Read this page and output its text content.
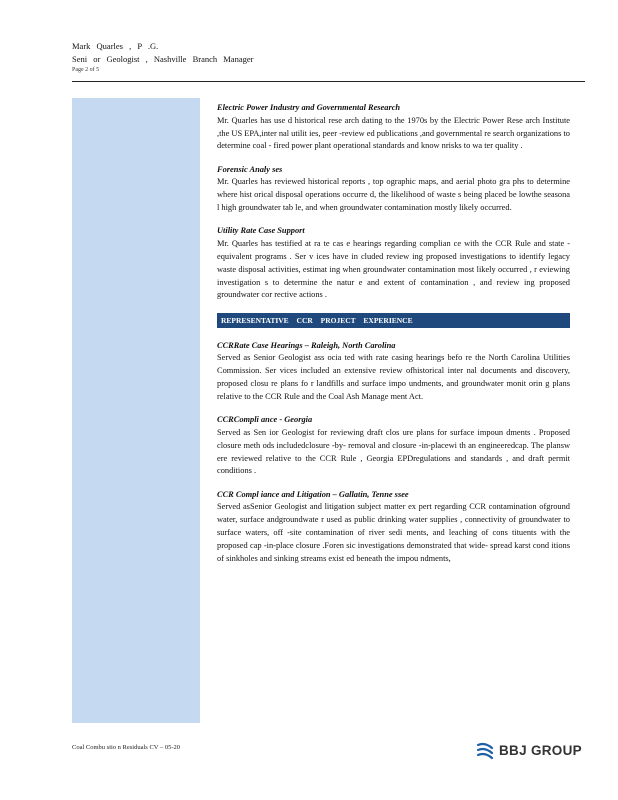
Mark Quarles , P .G.
Seni or Geologist , Nashville Branch Manager
Page 2 of 5

Electric Power Industry and Governmental Research

Mr. Quarles has use d historical rese arch dating to the 1970s by the Electric Power Rese arch Institute ,the US EPA,inter nal utilit ies, peer -review ed publications ,and governmental re search organizations to determine coal - fired power plant operational standards and know nrisks to wa ter quality .

Forensic Analy ses

Mr. Quarles has reviewed historical reports , top ographic maps, and aerial photo gra phs to determine where hist orical disposal operations occurre d, the likelihood of waste s being placed be lowthe seasona l high groundwater tab le, and when groundwater contamination mostly likely occurred.

Utility Rate Case Support

Mr. Quarles has testified at ra te cas e hearings regarding complian ce with the CCR Rule and state -equivalent programs . Ser v ices have in cluded review ing proposed investigations to identify legacy waste disposal activities, estimat ing when groundwater contamination most likely occurred , r eviewing investigation s to determine the natur e and extent of contamination , and review ing proposed groundwater cor rective actions .

REPRESENTATIVE CCR PROJECT EXPERIENCE

CCRRate Case Hearings – Raleigh, North Carolina

Served as Senior Geologist ass ocia ted with rate casing hearings befo re the North Carolina Utilities Commission. Ser vices included an extensive review ofhistorical inter nal documents and discovery, proposed closu re plans fo r landfills and surface impo undments, and groundwater monit orin g plans relative to the CCR Rule and the Coal Ash Manage ment Act.

CCRCompli ance - Georgia

Served as Sen ior Geologist for reviewing draft clos ure plans for surface impoun dments . Proposed closure meth ods includedclosure -by- removal and closure -in-placewi th an engineeredcap. The plansw ere reviewed relative to the CCR Rule , Georgia EPDregulations and standards , and draft permit conditions .

CCR Compl iance and Litigation – Gallatin, Tenne ssee

Served asSenior Geologist and litigation subject matter ex pert regarding CCR contamination ofground water, surface andgroundwate r used as public drinking water supplies , connectivity of groundwater to surface waters, off -site contamination of river sedi ments, and leaching of cons tituents with the proposed cap -in-place closure .Foren sic investigations demonstrated that wide- spread karst cond itions of sinkholes and sinking streams exist ed beneath the impou ndments,

Coal Combu stio n Residuals CV – 05-20	BBJ GROUP
